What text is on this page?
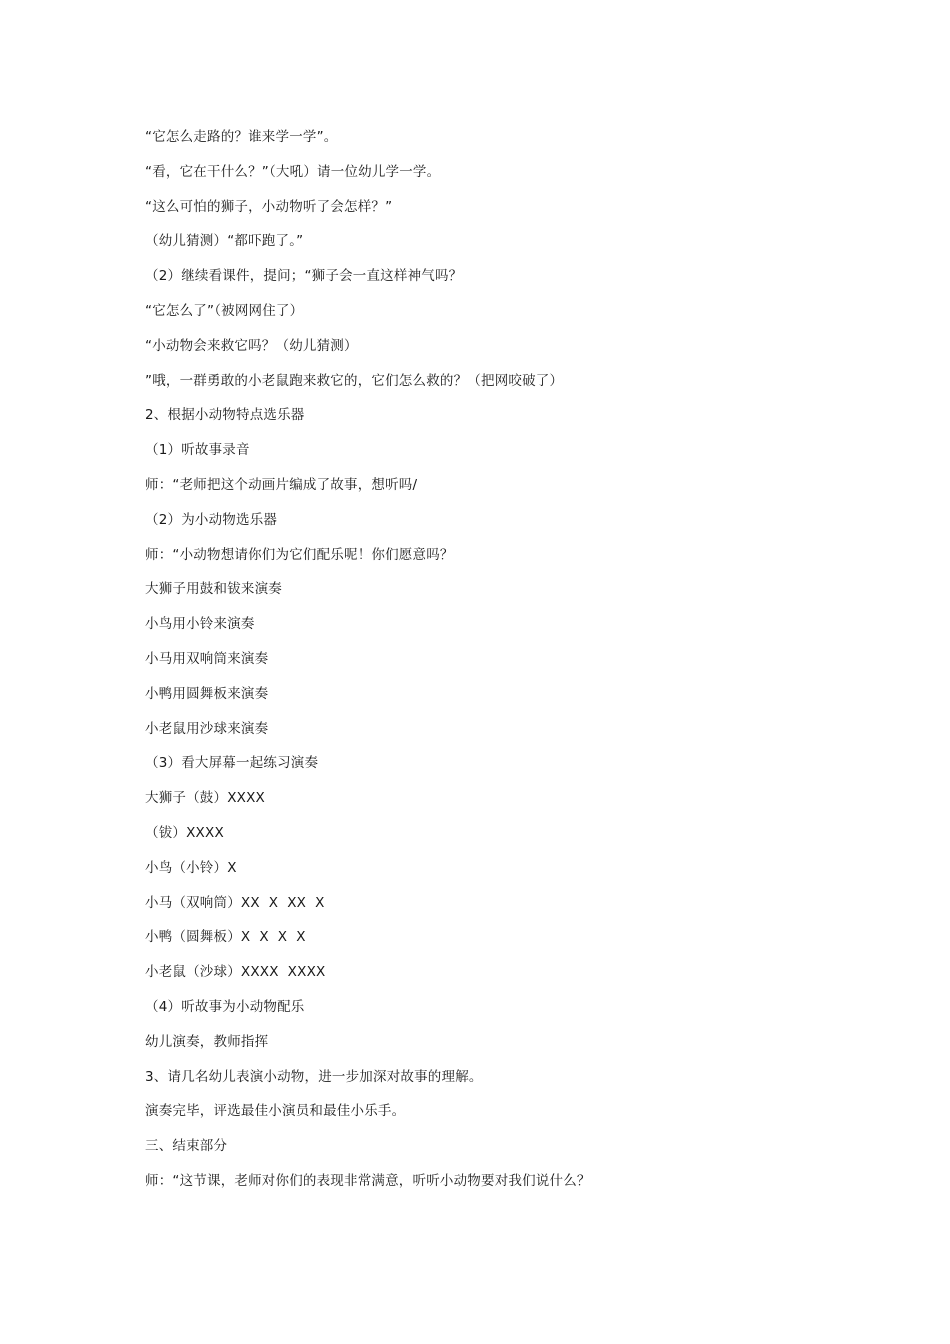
“它怎么走路的？谁来学一学”。
“看，它在干什么？”（大吼）请一位幼儿学一学。
“这么可怕的狮子，小动物听了会怎样？”
（幼儿猜测）“都吓跑了。”
（2）继续看课件，提问；“狮子会一直这样神气吗？
“它怎么了”（被网网住了）
“小动物会来救它吗？（幼儿猜测）
”哦，一群勇敢的小老鼠跑来救它的，它们怎么救的？（把网咬破了）
2、根据小动物特点选乐器
（1）听故事录音
师：“老师把这个动画片编成了故事，想听吗/
（2）为小动物选乐器
师：“小动物想请你们为它们配乐呢！你们愿意吗？
大狮子用鼓和钹来演奏
小鸟用小铃来演奏
小马用双响筒来演奏
小鸭用圆舞板来演奏
小老鼠用沙球来演奏
（3）看大屏幕一起练习演奏
大狮子（鼓）XXXX
（钹）XXXX
小鸟（小铃）X
小马（双响筒）XX  X  XX  X
小鸭（圆舞板）X  X  X  X
小老鼠（沙球）XXXX  XXXX
（4）听故事为小动物配乐
幼儿演奏，教师指挥
3、请几名幼儿表演小动物，进一步加深对故事的理解。
演奏完毕，评选最佳小演员和最佳小乐手。
三、结束部分
师：“这节课，老师对你们的表现非常满意，听听小动物要对我们说什么？
